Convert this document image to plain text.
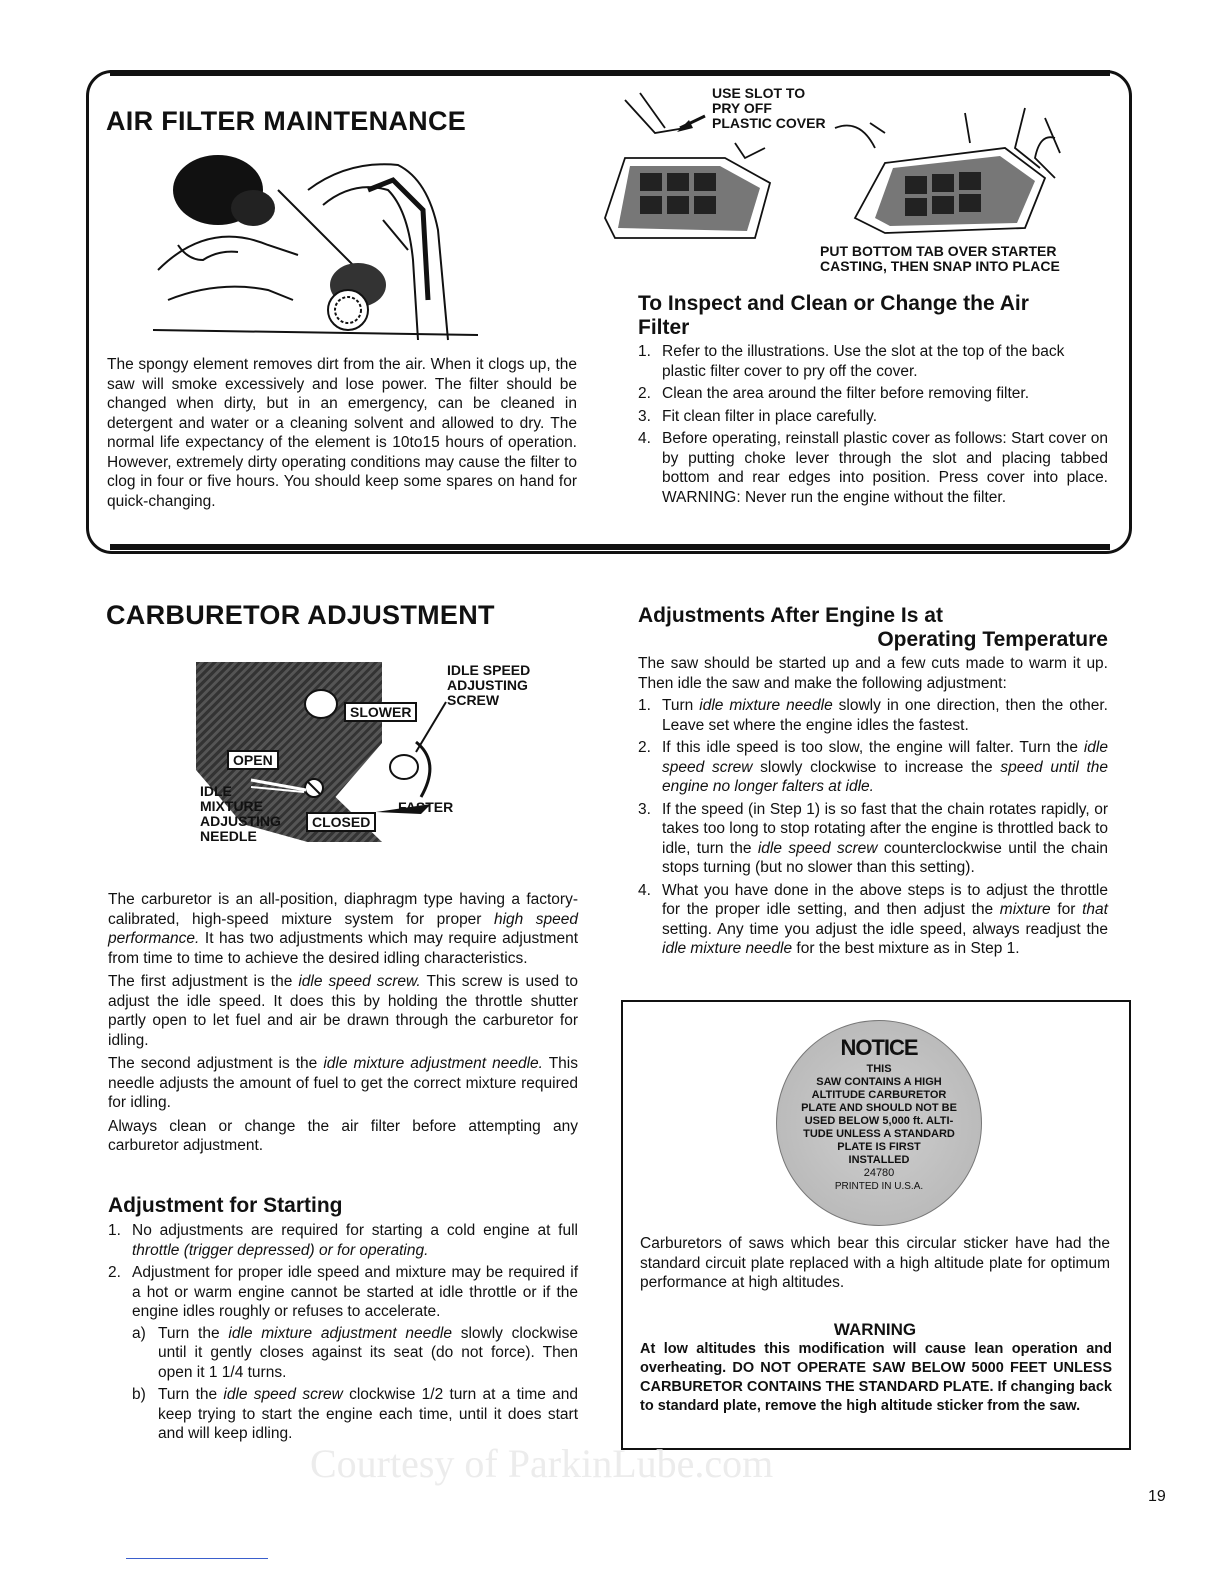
AIR FILTER MAINTENANCE
The spongy element removes dirt from the air. When it clogs up, the saw will smoke excessively and lose power. The filter should be changed when dirty, but in an emergency, can be cleaned in detergent and water or a cleaning solvent and allowed to dry. The normal life expectancy of the element is 10to15 hours of operation. However, extremely dirty operating conditions may cause the filter to clog in four or five hours. You should keep some spares on hand for quick-changing.
USE SLOT TO
PRY OFF
PLASTIC COVER
PUT BOTTOM TAB OVER STARTER
CASTING, THEN SNAP INTO PLACE
To Inspect and Clean or Change the Air Filter
1. Refer to the illustrations. Use the slot at the top of the back plastic filter cover to pry off the cover.
2. Clean the area around the filter before removing filter.
3. Fit clean filter in place carefully.
4. Before operating, reinstall plastic cover as follows: Start cover on by putting choke lever through the slot and placing tabbed bottom and rear edges into position. Press cover into place. WARNING: Never run the engine without the filter.
CARBURETOR ADJUSTMENT
IDLE SPEED
ADJUSTING
SCREW
SLOWER
OPEN
IDLE
MIXTURE
ADJUSTING
NEEDLE
CLOSED
FASTER

The carburetor is an all-position, diaphragm type having a factory-calibrated, high-speed mixture system for proper high speed performance. It has two adjustments which may require adjustment from time to time to achieve the desired idling characteristics.

The first adjustment is the idle speed screw. This screw is used to adjust the idle speed. It does this by holding the throttle shutter partly open to let fuel and air be drawn through the carburetor for idling.

The second adjustment is the idle mixture adjustment needle. This needle adjusts the amount of fuel to get the correct mixture required for idling.

Always clean or change the air filter before attempting any carburetor adjustment.

Adjustment for Starting
1. No adjustments are required for starting a cold engine at full throttle (trigger depressed) or for operating.
2. Adjustment for proper idle speed and mixture may be required if a hot or warm engine cannot be started at idle throttle or if the engine idles roughly or refuses to accelerate.
a) Turn the idle mixture adjustment needle slowly clockwise until it gently closes against its seat (do not force). Then open it 1 1/4 turns.
b) Turn the idle speed screw clockwise 1/2 turn at a time and keep trying to start the engine each time, until it does start and will keep idling.
Adjustments After Engine Is at
Operating Temperature
The saw should be started up and a few cuts made to warm it up. Then idle the saw and make the following adjustment:
1. Turn idle mixture needle slowly in one direction, then the other. Leave set where the engine idles the fastest.
2. If this idle speed is too slow, the engine will falter. Turn the idle speed screw slowly clockwise to increase the speed until the engine no longer falters at idle.
3. If the speed (in Step 1) is so fast that the chain rotates rapidly, or takes too long to stop rotating after the engine is throttled back to idle, turn the idle speed screw counterclockwise until the chain stops turning (but no slower than this setting).
4. What you have done in the above steps is to adjust the throttle for the proper idle setting, and then adjust the mixture for that setting. Any time you adjust the idle speed, always readjust the idle mixture needle for the best mixture as in Step 1.
NOTICE
THIS
SAW CONTAINS A HIGH
ALTITUDE CARBURETOR
PLATE AND SHOULD NOT BE
USED BELOW 5,000 ft. ALTI-
TUDE UNLESS A STANDARD
PLATE IS FIRST
INSTALLED
24780
PRINTED IN U.S.A.
Carburetors of saws which bear this circular sticker have had the standard circuit plate replaced with a high altitude plate for optimum performance at high altitudes.
WARNING
At low altitudes this modification will cause lean operation and overheating. DO NOT OPERATE SAW BELOW 5000 FEET UNLESS CARBURETOR CONTAINS THE STANDARD PLATE. If changing back to standard plate, remove the high altitude sticker from the saw.
Courtesy of ParkinLube.com
19
